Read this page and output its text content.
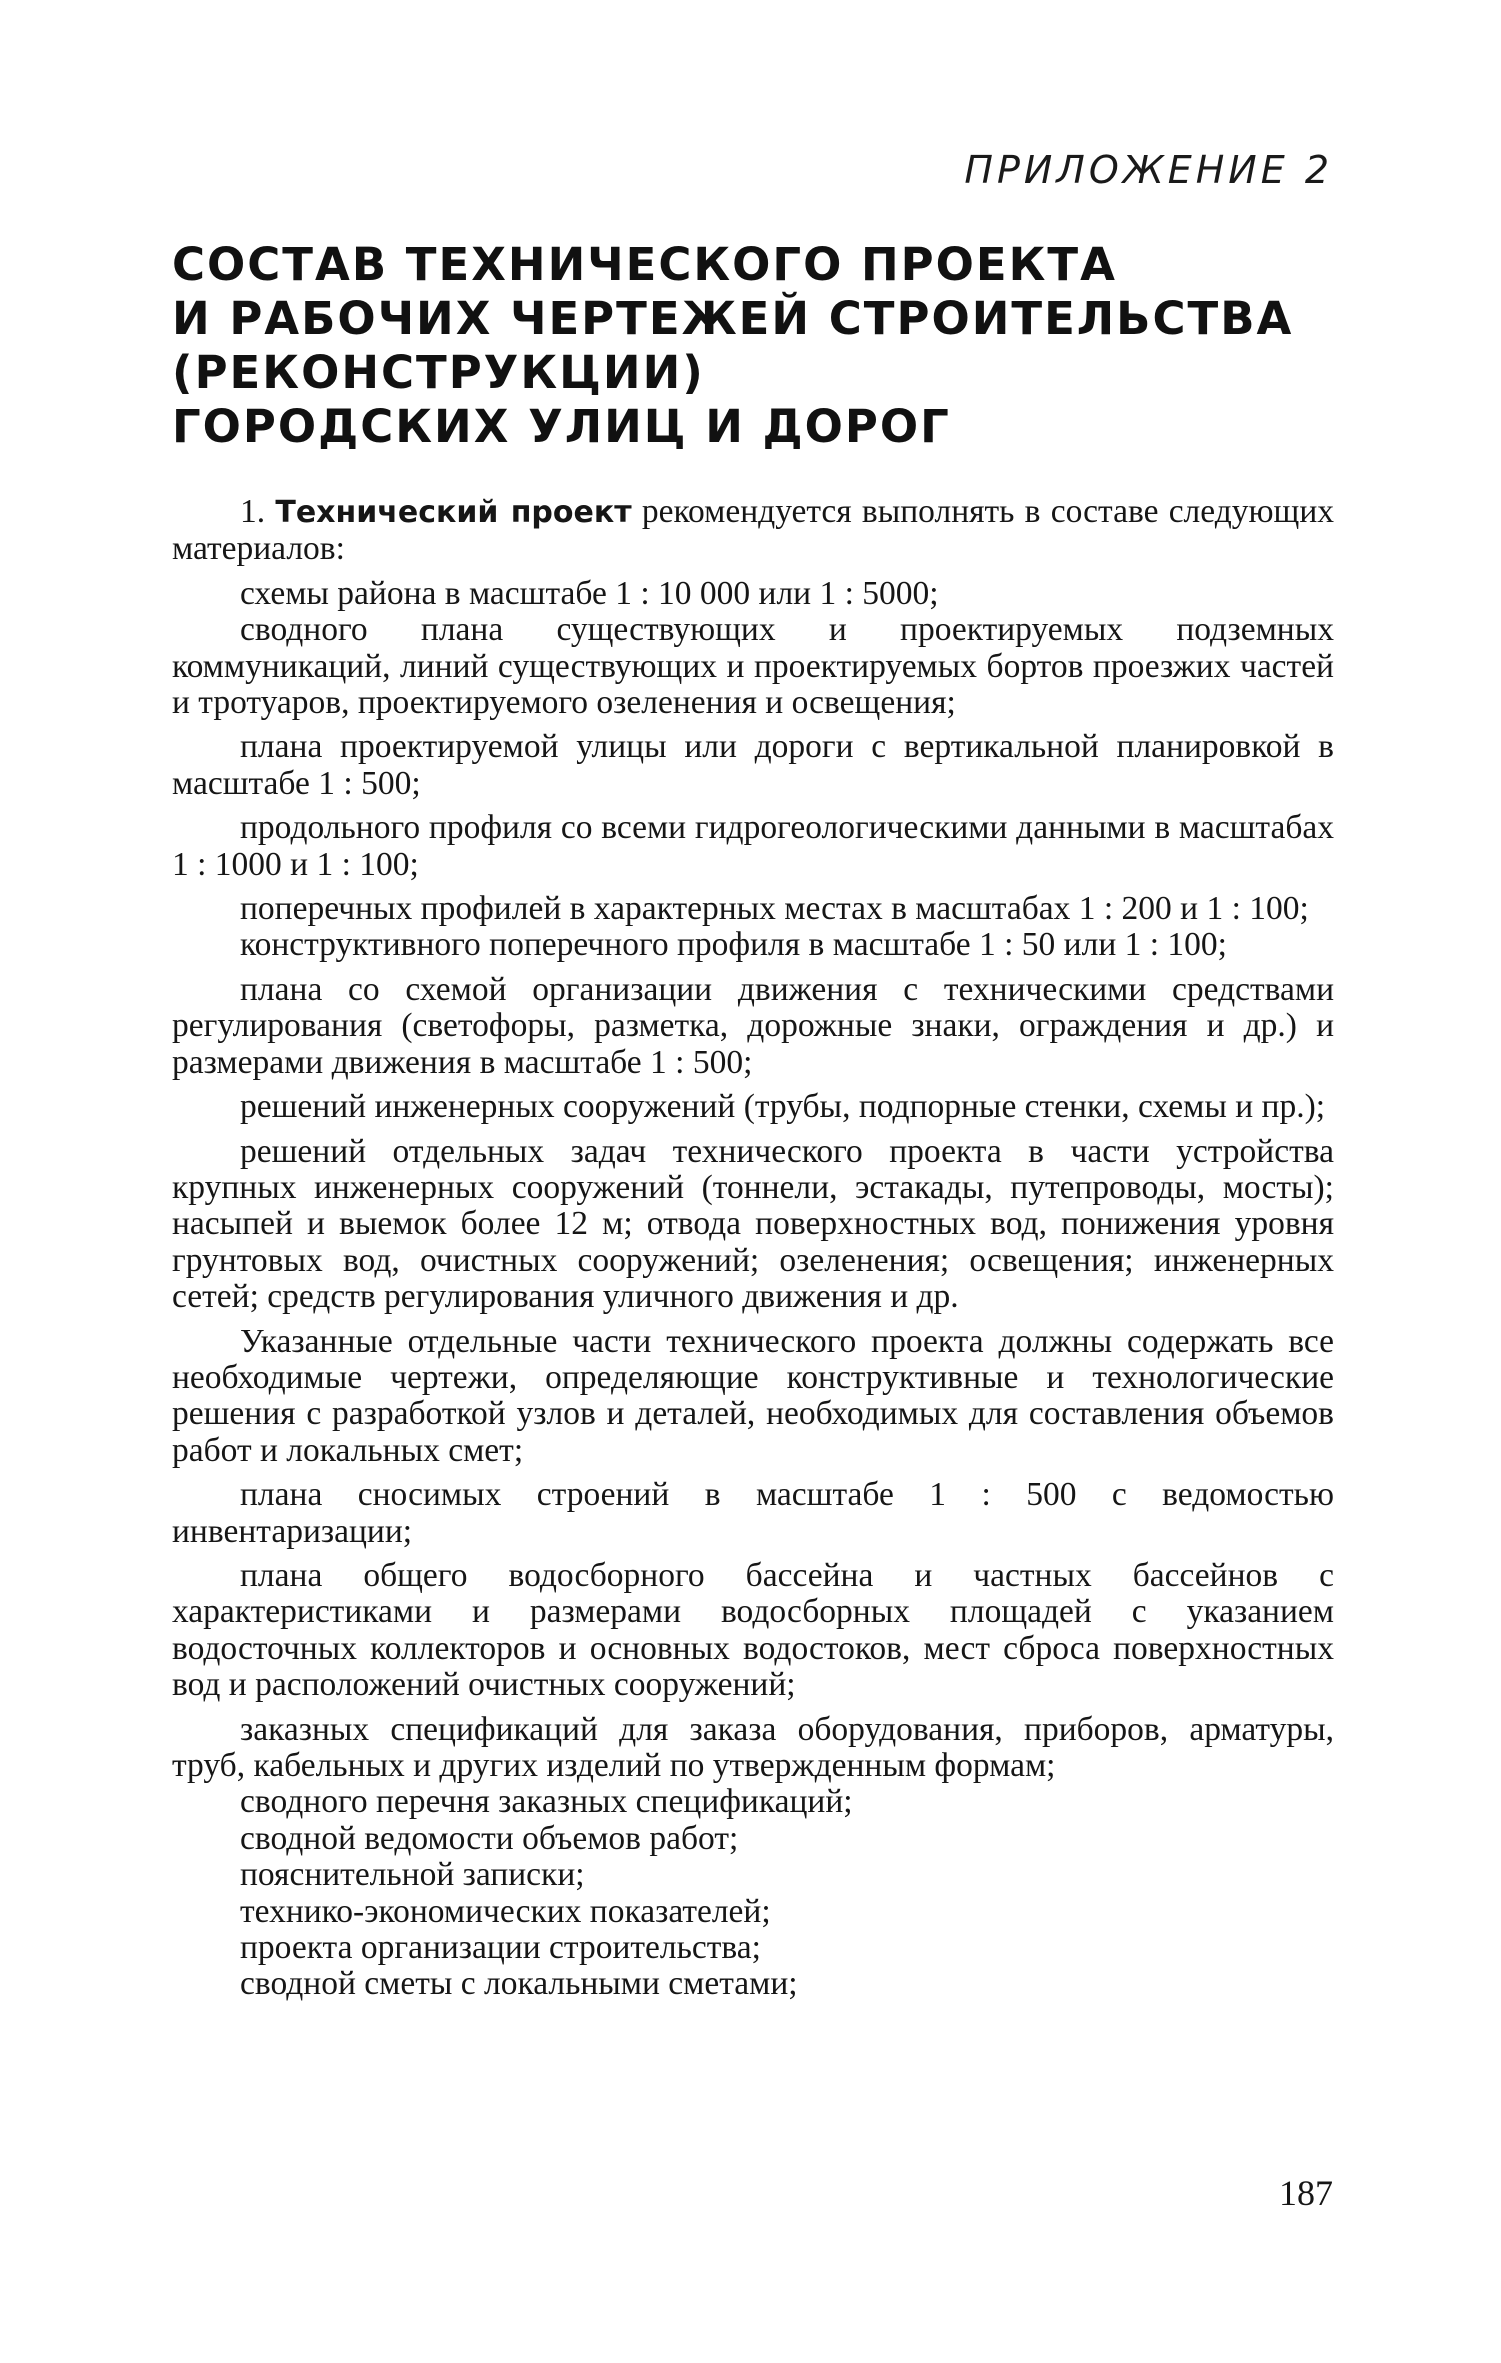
ПРИЛОЖЕНИЕ 2
СОСТАВ ТЕХНИЧЕСКОГО ПРОЕКТА
И РАБОЧИХ ЧЕРТЕЖЕЙ СТРОИТЕЛЬСТВА
(РЕКОНСТРУКЦИИ)
ГОРОДСКИХ УЛИЦ И ДОРОГ

1. Технический проект рекомендуется выполнять в составе следующих материалов:

схемы района в масштабе 1 : 10 000 или 1 : 5000;

сводного плана существующих и проектируемых подземных коммуникаций, линий существующих и проектируемых бортов проезжих частей и тротуаров, проектируемого озеленения и освещения;

плана проектируемой улицы или дороги с вертикальной планировкой в масштабе 1 : 500;

продольного профиля со всеми гидрогеологическими данными в масштабах 1 : 1000 и 1 : 100;

поперечных профилей в характерных местах в масштабах 1 : 200 и 1 : 100;

конструктивного поперечного профиля в масштабе 1 : 50 или 1 : 100;

плана со схемой организации движения с техническими средствами регулирования (светофоры, разметка, дорожные знаки, ограждения и др.) и размерами движения в масштабе 1 : 500;

решений инженерных сооружений (трубы, подпорные стенки, схемы и пр.);

решений отдельных задач технического проекта в части устройства крупных инженерных сооружений (тоннели, эстакады, путепроводы, мосты); насыпей и выемок более 12 м; отвода поверхностных вод, понижения уровня грунтовых вод, очистных сооружений; озеленения; освещения; инженерных сетей; средств регулирования уличного движения и др.

Указанные отдельные части технического проекта должны содержать все необходимые чертежи, определяющие конструктивные и технологические решения с разработкой узлов и деталей, необходимых для составления объемов работ и локальных смет;

плана сносимых строений в масштабе 1 : 500 с ведомостью инвентаризации;

плана общего водосборного бассейна и частных бассейнов с характеристиками и размерами водосборных площадей с указанием водосточных коллекторов и основных водостоков, мест сброса поверхностных вод и расположений очистных сооружений;

заказных спецификаций для заказа оборудования, приборов, арматуры, труб, кабельных и других изделий по утвержденным формам;

сводного перечня заказных спецификаций;

сводной ведомости объемов работ;

пояснительной записки;

технико-экономических показателей;

проекта организации строительства;

сводной сметы с локальными сметами;

187
